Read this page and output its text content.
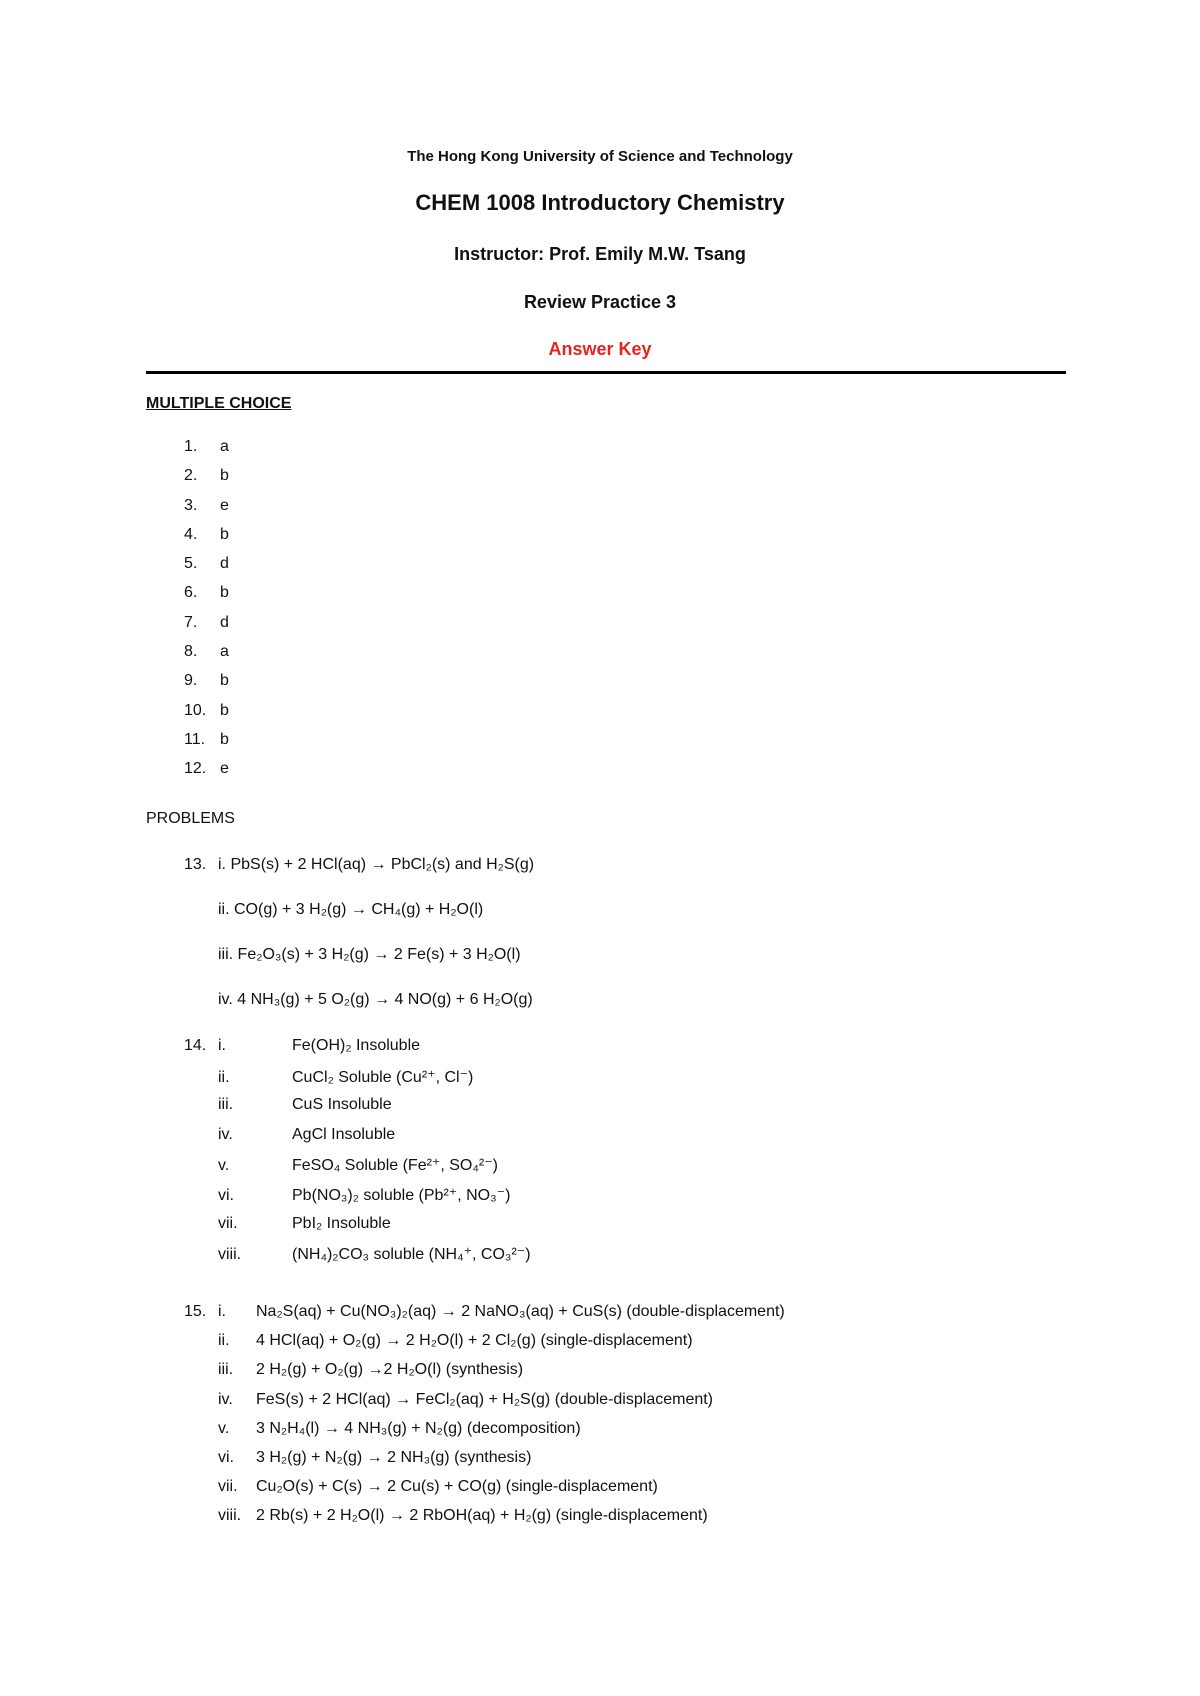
The Hong Kong University of Science and Technology
CHEM 1008 Introductory Chemistry
Instructor: Prof. Emily M.W. Tsang
Review Practice 3
Answer Key
MULTIPLE CHOICE
1.	a
2.	b
3.	e
4.	b
5.	d
6.	b
7.	d
8.	a
9.	b
10. b
11. b
12. e
PROBLEMS
13. i. PbS(s) + 2 HCl(aq) → PbCl₂(s) and H₂S(g)
ii. CO(g) + 3 H₂(g) → CH₄(g) + H₂O(l)
iii. Fe₂O₃(s) + 3 H₂(g) → 2 Fe(s) + 3 H₂O(l)
iv. 4 NH₃(g) + 5 O₂(g) → 4 NO(g) + 6 H₂O(g)
14. i.	Fe(OH)₂ Insoluble
ii.	CuCl₂ Soluble (Cu²⁺, Cl⁻)
iii.	CuS Insoluble
iv.	AgCl Insoluble
v.	FeSO₄ Soluble (Fe²⁺, SO₄²⁻)
vi.	Pb(NO₃)₂ soluble (Pb²⁺, NO₃⁻)
vii.	PbI₂ Insoluble
viii.	(NH₄)₂CO₃ soluble (NH₄⁺, CO₃²⁻)
15. i. Na₂S(aq) + Cu(NO₃)₂(aq) → 2 NaNO₃(aq) + CuS(s) (double-displacement)
ii. 4 HCl(aq) + O₂(g) → 2 H₂O(l) + 2 Cl₂(g) (single-displacement)
iii. 2 H₂(g) + O₂(g) →2 H₂O(l) (synthesis)
iv. FeS(s) + 2 HCl(aq) → FeCl₂(aq) + H₂S(g) (double-displacement)
v. 3 N₂H₄(l) → 4 NH₃(g) + N₂(g) (decomposition)
vi. 3 H₂(g) + N₂(g) → 2 NH₃(g) (synthesis)
vii. Cu₂O(s) + C(s) → 2 Cu(s) + CO(g) (single-displacement)
viii. 2 Rb(s) + 2 H₂O(l) → 2 RbOH(aq) + H₂(g) (single-displacement)
